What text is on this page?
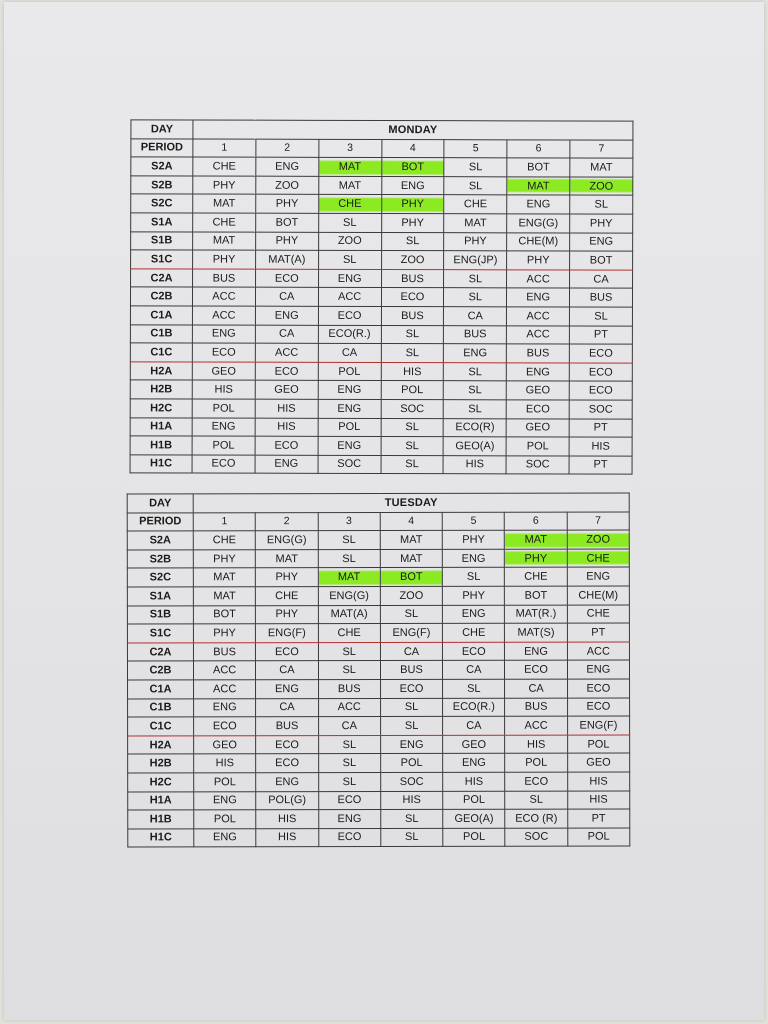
DAY	MONDAY						
PERIOD	1	2	3	4	5	6	7
S2A	CHE	ENG	MAT	BOT	SL	BOT	MAT
S2B	PHY	ZOO	MAT	ENG	SL	MAT	ZOO
S2C	MAT	PHY	CHE	PHY	CHE	ENG	SL
S1A	CHE	BOT	SL	PHY	MAT	ENG(G)	PHY
S1B	MAT	PHY	ZOO	SL	PHY	CHE(M)	ENG
S1C	PHY	MAT(A)	SL	ZOO	ENG(JP)	PHY	BOT
C2A	BUS	ECO	ENG	BUS	SL	ACC	CA
C2B	ACC	CA	ACC	ECO	SL	ENG	BUS
C1A	ACC	ENG	ECO	BUS	CA	ACC	SL
C1B	ENG	CA	ECO(R.)	SL	BUS	ACC	PT
C1C	ECO	ACC	CA	SL	ENG	BUS	ECO
H2A	GEO	ECO	POL	HIS	SL	ENG	ECO
H2B	HIS	GEO	ENG	POL	SL	GEO	ECO
H2C	POL	HIS	ENG	SOC	SL	ECO	SOC
H1A	ENG	HIS	POL	SL	ECO(R)	GEO	PT
H1B	POL	ECO	ENG	SL	GEO(A)	POL	HIS
H1C	ECO	ENG	SOC	SL	HIS	SOC	PT
DAY	TUESDAY						
PERIOD	1	2	3	4	5	6	7
S2A	CHE	ENG(G)	SL	MAT	PHY	MAT	ZOO
S2B	PHY	MAT	SL	MAT	ENG	PHY	CHE
S2C	MAT	PHY	MAT	BOT	SL	CHE	ENG
S1A	MAT	CHE	ENG(G)	ZOO	PHY	BOT	CHE(M)
S1B	BOT	PHY	MAT(A)	SL	ENG	MAT(R.)	CHE
S1C	PHY	ENG(F)	CHE	ENG(F)	CHE	MAT(S)	PT
C2A	BUS	ECO	SL	CA	ECO	ENG	ACC
C2B	ACC	CA	SL	BUS	CA	ECO	ENG
C1A	ACC	ENG	BUS	ECO	SL	CA	ECO
C1B	ENG	CA	ACC	SL	ECO(R.)	BUS	ECO
C1C	ECO	BUS	CA	SL	CA	ACC	ENG(F)
H2A	GEO	ECO	SL	ENG	GEO	HIS	POL
H2B	HIS	ECO	SL	POL	ENG	POL	GEO
H2C	POL	ENG	SL	SOC	HIS	ECO	HIS
H1A	ENG	POL(G)	ECO	HIS	POL	SL	HIS
H1B	POL	HIS	ENG	SL	GEO(A)	ECO (R)	PT
H1C	ENG	HIS	ECO	SL	POL	SOC	POL
